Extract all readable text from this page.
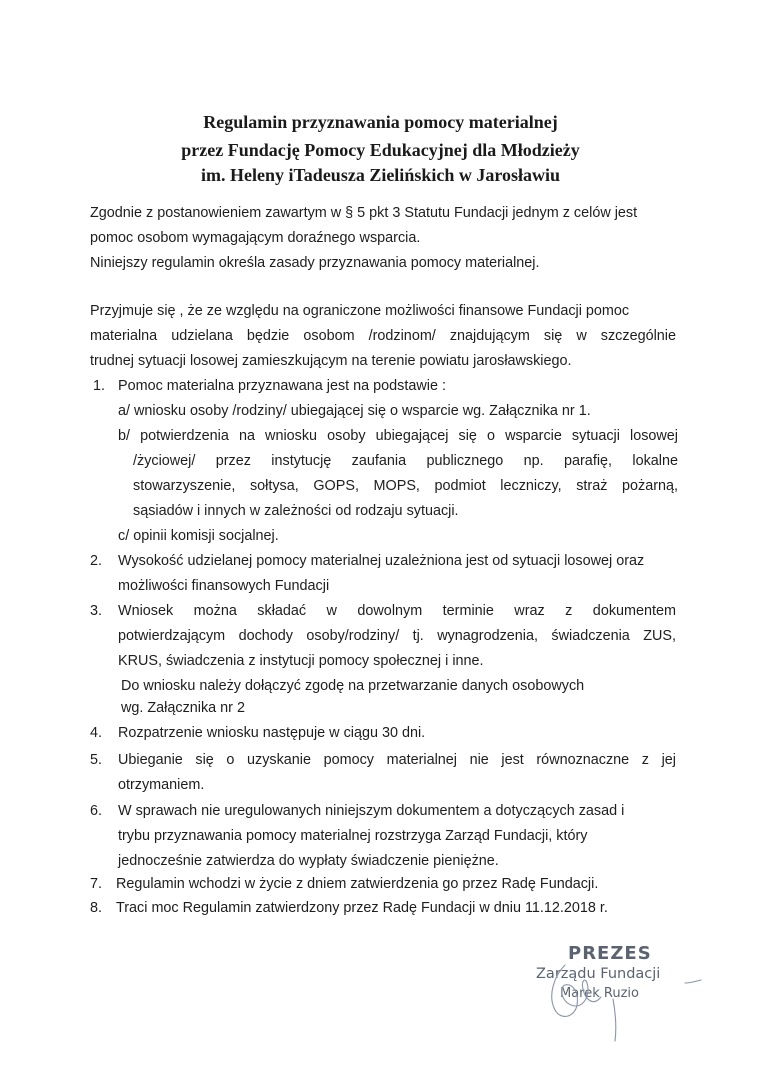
Regulamin przyznawania pomocy materialnej
przez Fundację Pomocy Edukacyjnej dla Młodzieży
im. Heleny iTadeusza Zielińskich w Jarosławiu
Zgodnie z postanowieniem zawartym w § 5 pkt 3 Statutu Fundacji jednym z celów jest
pomoc osobom wymagającym doraźnego wsparcia.
Niniejszy regulamin określa zasady przyznawania pomocy materialnej.
Przyjmuje się , że ze względu na ograniczone możliwości finansowe Fundacji pomoc
materialna udzielana będzie osobom /rodzinom/ znajdującym się w szczególnie
trudnej sytuacji losowej zamieszkującym na terenie powiatu jarosławskiego.
1. Pomoc materialna przyznawana jest na podstawie :
a/ wniosku osoby /rodziny/ ubiegającej się o wsparcie wg. Załącznika nr 1.
b/ potwierdzenia na wniosku osoby ubiegającej się o wsparcie sytuacji losowej
/życiowej/ przez instytucję zaufania publicznego np. parafię, lokalne
stowarzyszenie, sołtysa, GOPS, MOPS, podmiot leczniczy, straż pożarną,
sąsiadów i innych w zależności od rodzaju sytuacji.
c/ opinii komisji socjalnej.
2. Wysokość udzielanej pomocy materialnej uzależniona jest od sytuacji losowej oraz
możliwości finansowych Fundacji
3. Wniosek można składać w dowolnym terminie wraz z dokumentem
potwierdzającym dochody osoby/rodziny/ tj. wynagrodzenia, świadczenia ZUS,
KRUS, świadczenia z instytucji pomocy społecznej i inne.
Do wniosku należy dołączyć zgodę na przetwarzanie danych osobowych
wg. Załącznika nr 2
4. Rozpatrzenie wniosku następuje w ciągu 30 dni.
5. Ubieganie się o uzyskanie pomocy materialnej nie jest równoznaczne z jej
otrzymaniem.
6. W sprawach nie uregulowanych niniejszym dokumentem a dotyczących zasad i
trybu przyznawania pomocy materialnej rozstrzyga Zarząd Fundacji, który
jednocześnie zatwierdza do wypłaty świadczenie pieniężne.
7. Regulamin wchodzi w życie z dniem zatwierdzenia go przez Radę Fundacji.
8. Traci moc Regulamin zatwierdzony przez Radę Fundacji w dniu 11.12.2018 r.
PREZES
Zarządu Fundacji
Marek Ruzio
